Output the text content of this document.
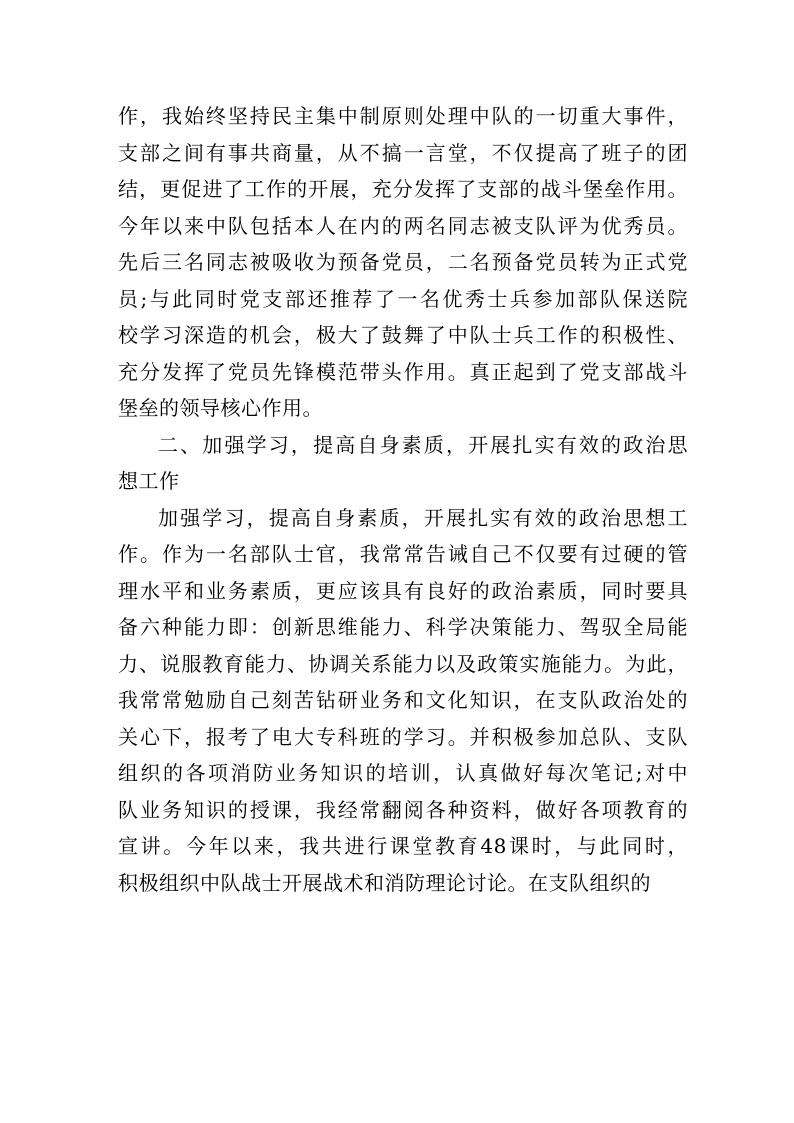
作，我始终坚持民主集中制原则处理中队的一切重大事件，
支部之间有事共商量，从不搞一言堂，不仅提高了班子的团
结，更促进了工作的开展，充分发挥了支部的战斗堡垒作用。
今年以来中队包括本人在内的两名同志被支队评为优秀员。
先后三名同志被吸收为预备党员，二名预备党员转为正式党
员;与此同时党支部还推荐了一名优秀士兵参加部队保送院
校学习深造的机会，极大了鼓舞了中队士兵工作的积极性、
充分发挥了党员先锋模范带头作用。真正起到了党支部战斗
堡垒的领导核心作用。
二、加强学习，提高自身素质，开展扎实有效的政治思
想工作
加强学习，提高自身素质，开展扎实有效的政治思想工
作。作为一名部队士官，我常常告诫自己不仅要有过硬的管
理水平和业务素质，更应该具有良好的政治素质，同时要具
备六种能力即：创新思维能力、科学决策能力、驾驭全局能
力、说服教育能力、协调关系能力以及政策实施能力。为此，
我常常勉励自己刻苦钻研业务和文化知识，在支队政治处的
关心下，报考了电大专科班的学习。并积极参加总队、支队
组织的各项消防业务知识的培训，认真做好每次笔记;对中
队业务知识的授课，我经常翻阅各种资料，做好各项教育的
宣讲。今年以来，我共进行课堂教育48课时，与此同时，
积极组织中队战士开展战术和消防理论讨论。在支队组织的
